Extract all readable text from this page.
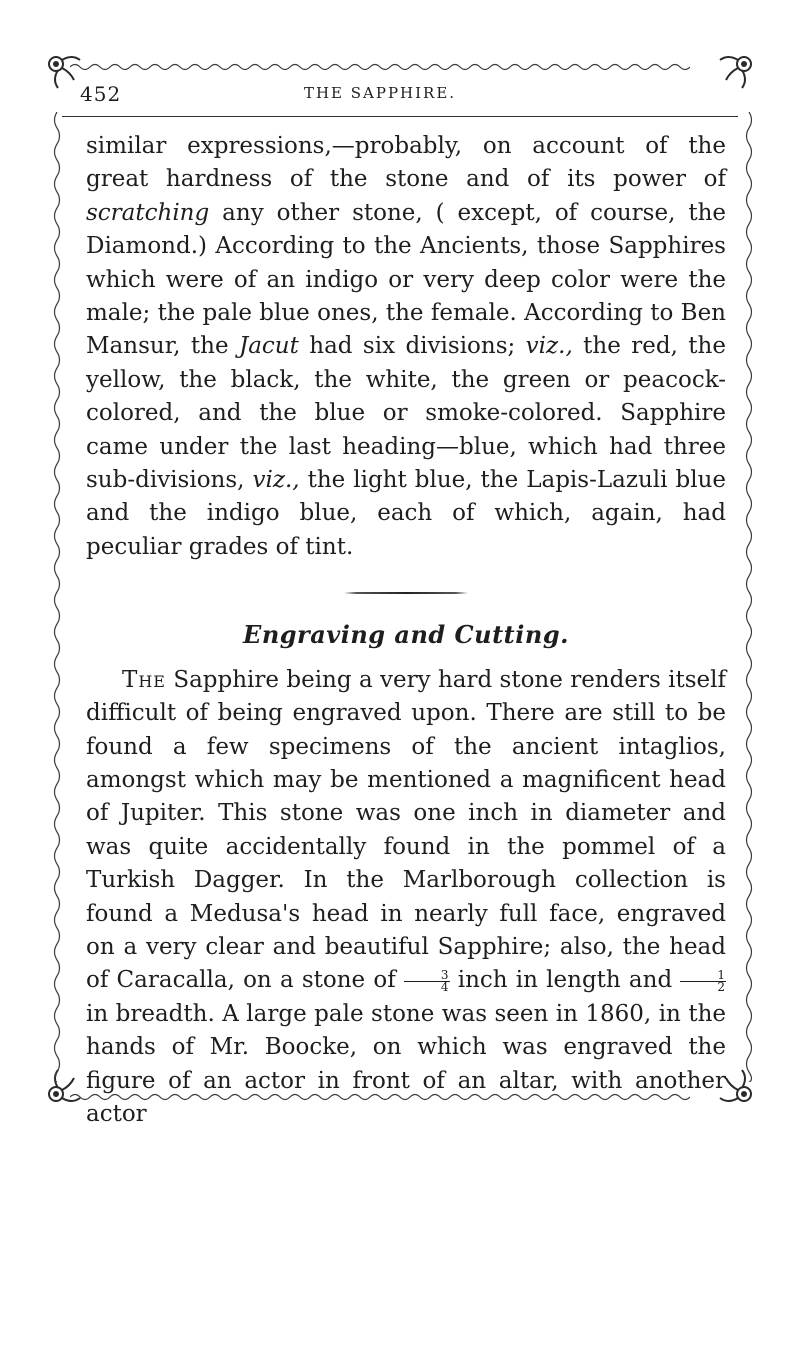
452	THE SAPPHIRE.

similar expressions,—probably, on account of the great hardness of the stone and of its power of scratching any other stone, ( except, of course, the Diamond.) According to the Ancients, those Sapphires which were of an indigo or very deep color were the male; the pale blue ones, the female. According to Ben Mansur, the Jacut had six divisions; viz., the red, the yellow, the black, the white, the green or peacock-colored, and the blue or smoke-colored. Sapphire came under the last heading—blue, which had three sub-divisions, viz., the light blue, the Lapis-Lazuli blue and the indigo blue, each of which, again, had peculiar grades of tint.

Engraving and Cutting.

The Sapphire being a very hard stone renders itself difficult of being engraved upon. There are still to be found a few specimens of the ancient intaglios, amongst which may be mentioned a magnificent head of Jupiter. This stone was one inch in diameter and was quite accidentally found in the pommel of a Turkish Dagger. In the Marlborough collection is found a Medusa's head in nearly full face, engraved on a very clear and beautiful Sapphire; also, the head of Caracalla, on a stone of $\frac{3}{4}$ inch in length and $\frac{1}{2}$
in breadth. A large pale stone was seen in 1860, in the hands of Mr. Boocke, on which was engraved the figure of an actor in front of an altar, with another actor
